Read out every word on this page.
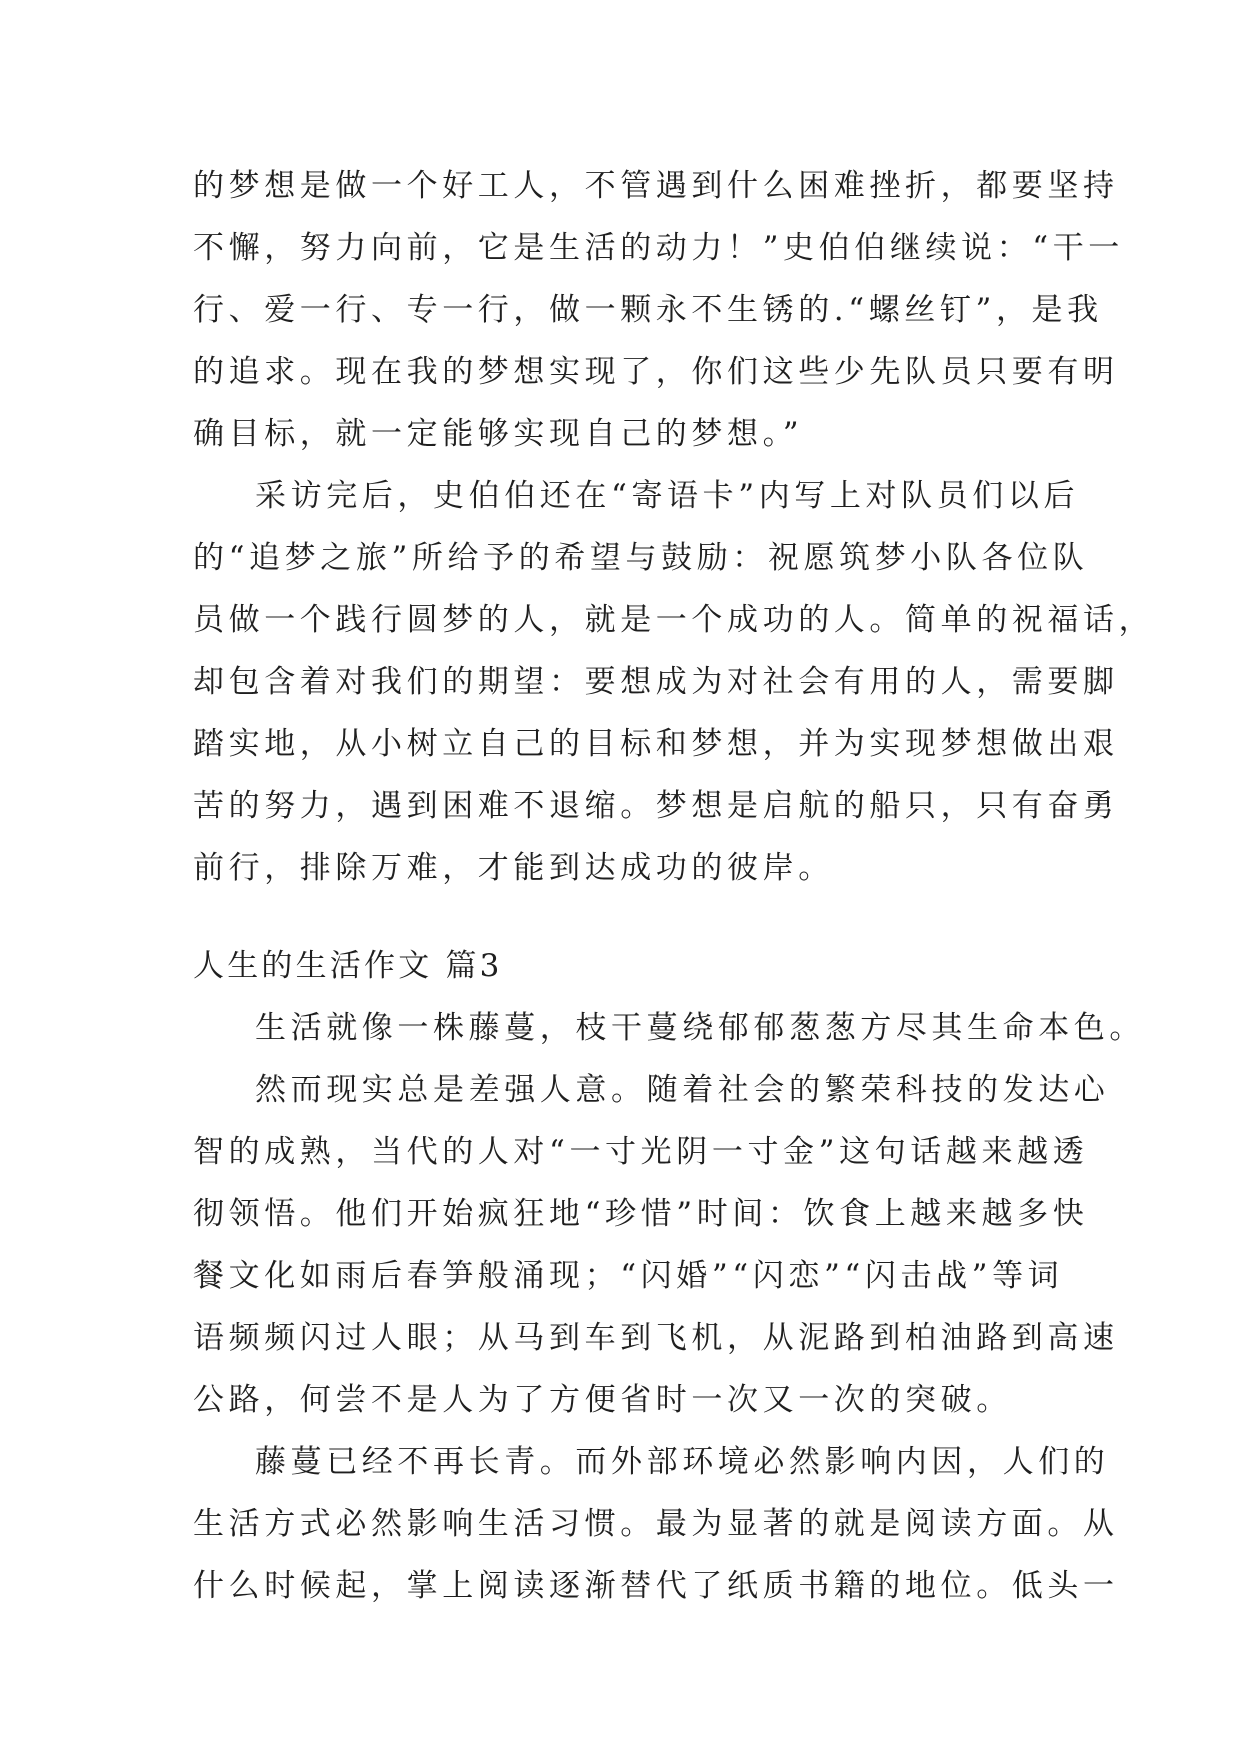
的梦想是做一个好工人，不管遇到什么困难挫折，都要坚持

不懈，努力向前，它是生活的动力！”史伯伯继续说：“干一

行、爱一行、专一行，做一颗永不生锈的.“螺丝钉”，是我

的追求。现在我的梦想实现了，你们这些少先队员只要有明

确目标，就一定能够实现自己的梦想。”

采访完后，史伯伯还在“寄语卡”内写上对队员们以后

的“追梦之旅”所给予的希望与鼓励：祝愿筑梦小队各位队

员做一个践行圆梦的人，就是一个成功的人。简单的祝福话，

却包含着对我们的期望：要想成为对社会有用的人，需要脚

踏实地，从小树立自己的目标和梦想，并为实现梦想做出艰

苦的努力，遇到困难不退缩。梦想是启航的船只，只有奋勇

前行，排除万难，才能到达成功的彼岸。

人生的生活作文 篇3

生活就像一株藤蔓，枝干蔓绕郁郁葱葱方尽其生命本色。

然而现实总是差强人意。随着社会的繁荣科技的发达心

智的成熟，当代的人对“一寸光阴一寸金”这句话越来越透

彻领悟。他们开始疯狂地“珍惜”时间：饮食上越来越多快

餐文化如雨后春笋般涌现；“闪婚”“闪恋”“闪击战”等词

语频频闪过人眼；从马到车到飞机，从泥路到柏油路到高速

公路，何尝不是人为了方便省时一次又一次的突破。

藤蔓已经不再长青。而外部环境必然影响内因，人们的

生活方式必然影响生活习惯。最为显著的就是阅读方面。从

什么时候起，掌上阅读逐渐替代了纸质书籍的地位。低头一
